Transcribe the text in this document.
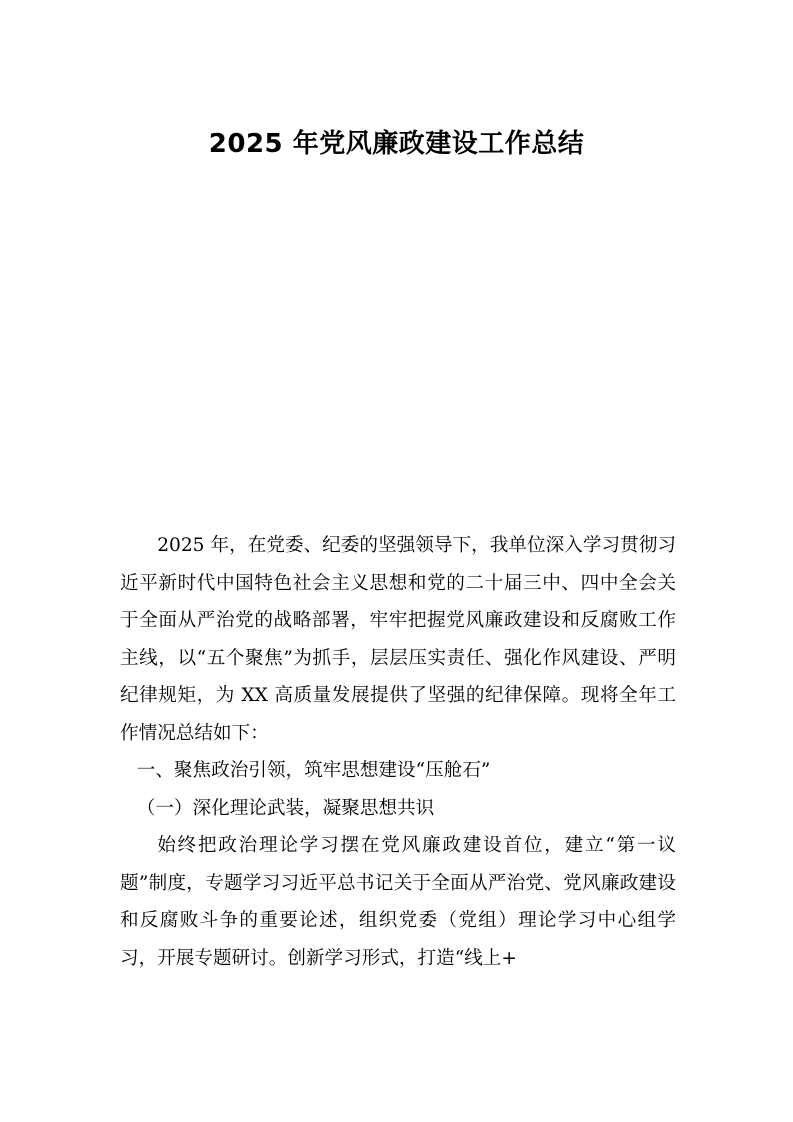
2025 年党风廉政建设工作总结

2025 年，在党委、纪委的坚强领导下，我单位深入学习贯彻习近平新时代中国特色社会主义思想和党的二十届三中、四中全会关于全面从严治党的战略部署，牢牢把握党风廉政建设和反腐败工作主线，以“五个聚焦”为抓手，层层压实责任、强化作风建设、严明纪律规矩，为 XX 高质量发展提供了坚强的纪律保障。现将全年工作情况总结如下：

一、聚焦政治引领，筑牢思想建设“压舱石”

（一）深化理论武装，凝聚思想共识

始终把政治理论学习摆在党风廉政建设首位，建立“第一议题”制度，专题学习习近平总书记关于全面从严治党、党风廉政建设和反腐败斗争的重要论述，组织党委（党组）理论学习中心组学习，开展专题研讨。创新学习形式，打造“线上+
